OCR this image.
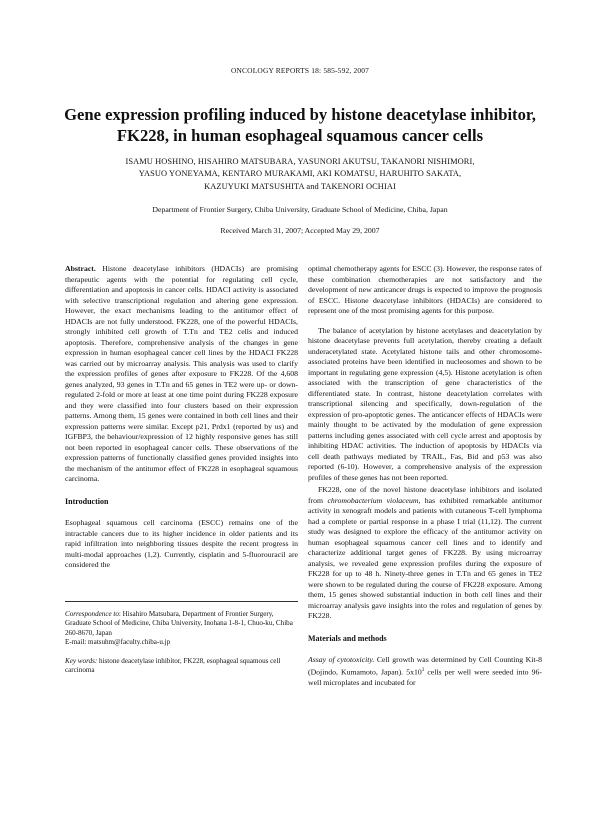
ONCOLOGY REPORTS 18: 585-592, 2007
Gene expression profiling induced by histone deacetylase inhibitor, FK228, in human esophageal squamous cancer cells
ISAMU HOSHINO, HISAHIRO MATSUBARA, YASUNORI AKUTSU, TAKANORI NISHIMORI,
YASUO YONEYAMA, KENTARO MURAKAMI, AKI KOMATSU, HARUHITO SAKATA,
KAZUYUKI MATSUSHITA and TAKENORI OCHIAI
Department of Frontier Surgery, Chiba University, Graduate School of Medicine, Chiba, Japan
Received March 31, 2007; Accepted May 29, 2007

Abstract. Histone deacetylase inhibitors (HDACIs) are promising therapeutic agents with the potential for regulating cell cycle, differentiation and apoptosis in cancer cells. HDACI activity is associated with selective transcriptional regulation and altering gene expression. However, the exact mechanisms leading to the antitumor effect of HDACIs are not fully understood. FK228, one of the powerful HDACIs, strongly inhibited cell growth of T.Tn and TE2 cells and induced apoptosis. Therefore, comprehensive analysis of the changes in gene expression in human esophageal cancer cell lines by the HDACI FK228 was carried out by microarray analysis. This analysis was used to clarify the expression profiles of genes after exposure to FK228. Of the 4,608 genes analyzed, 93 genes in T.Tn and 65 genes in TE2 were up- or down-regulated 2-fold or more at least at one time point during FK228 exposure and they were classified into four clusters based on their expression patterns. Among them, 15 genes were contained in both cell lines and their expression patterns were similar. Except p21, Prdx1 (reported by us) and IGFBP3, the behaviour/expression of 12 highly responsive genes has still not been reported in esophageal cancer cells. These observations of the expression patterns of functionally classified genes provided insights into the mechanism of the antitumor effect of FK228 in esophageal squamous carcinoma.

Introduction

Esophageal squamous cell carcinoma (ESCC) remains one of the intractable cancers due to its higher incidence in older patients and its rapid infiltration into neighboring tissues despite the recent progress in multi-modal approaches (1,2). Currently, cisplatin and 5-fluorouracil are considered the

Correspondence to: Hisahiro Matsubara, Department of Frontier Surgery, Graduate School of Medicine, Chiba University, Inohana 1-8-1, Chuo-ku, Chiba 260-8670, Japan

E-mail: matsuhm@faculty.chiba-u.jp

Key words: histone deacetylase inhibitor, FK228, esophageal squamous cell carcinoma

optimal chemotherapy agents for ESCC (3). However, the response rates of these combination chemotherapies are not satisfactory and the development of new anticancer drugs is expected to improve the prognosis of ESCC. Histone deacetylase inhibitors (HDACIs) are considered to represent one of the most promising agents for this purpose.

The balance of acetylation by histone acetylases and deacetylation by histone deacetylase prevents full acetylation, thereby creating a default underacetylated state. Acetylated histone tails and other chromosome-associated proteins have been identified in nucleosomes and shown to be important in regulating gene expression (4,5). Histone acetylation is often associated with the transcription of gene characteristics of the differentiated state. In contrast, histone deacetylation correlates with transcriptional silencing and specifically, down-regulation of the expression of pro-apoptotic genes. The anticancer effects of HDACIs were mainly thought to be activated by the modulation of gene expression patterns including genes associated with cell cycle arrest and apoptosis by inhibiting HDAC activities. The induction of apoptosis by HDACIs via cell death pathways mediated by TRAIL, Fas, Bid and p53 was also reported (6-10). However, a comprehensive analysis of the expression profiles of these genes has not been reported.

FK228, one of the novel histone deacetylase inhibitors and isolated from chromobacterium violaceum, has exhibited remarkable antitumor activity in xenograft models and patients with cutaneous T-cell lymphoma had a complete or partial response in a phase I trial (11,12). The current study was designed to explore the efficacy of the antitumor activity on human esophageal squamous cancer cell lines and to identify and characterize additional target genes of FK228. By using microarray analysis, we revealed gene expression profiles during the exposure of FK228 for up to 48 h. Ninety-three genes in T.Tn and 65 genes in TE2 were shown to be regulated during the course of FK228 exposure. Among them, 15 genes showed substantial induction in both cell lines and their microarray analysis gave insights into the roles and regulation of genes by FK228.

Materials and methods

Assay of cytotoxicity. Cell growth was determined by Cell Counting Kit-8 (Dojindo, Kumamoto, Japan). $5x10^3$ cells per well were seeded into 96-well microplates and incubated for
